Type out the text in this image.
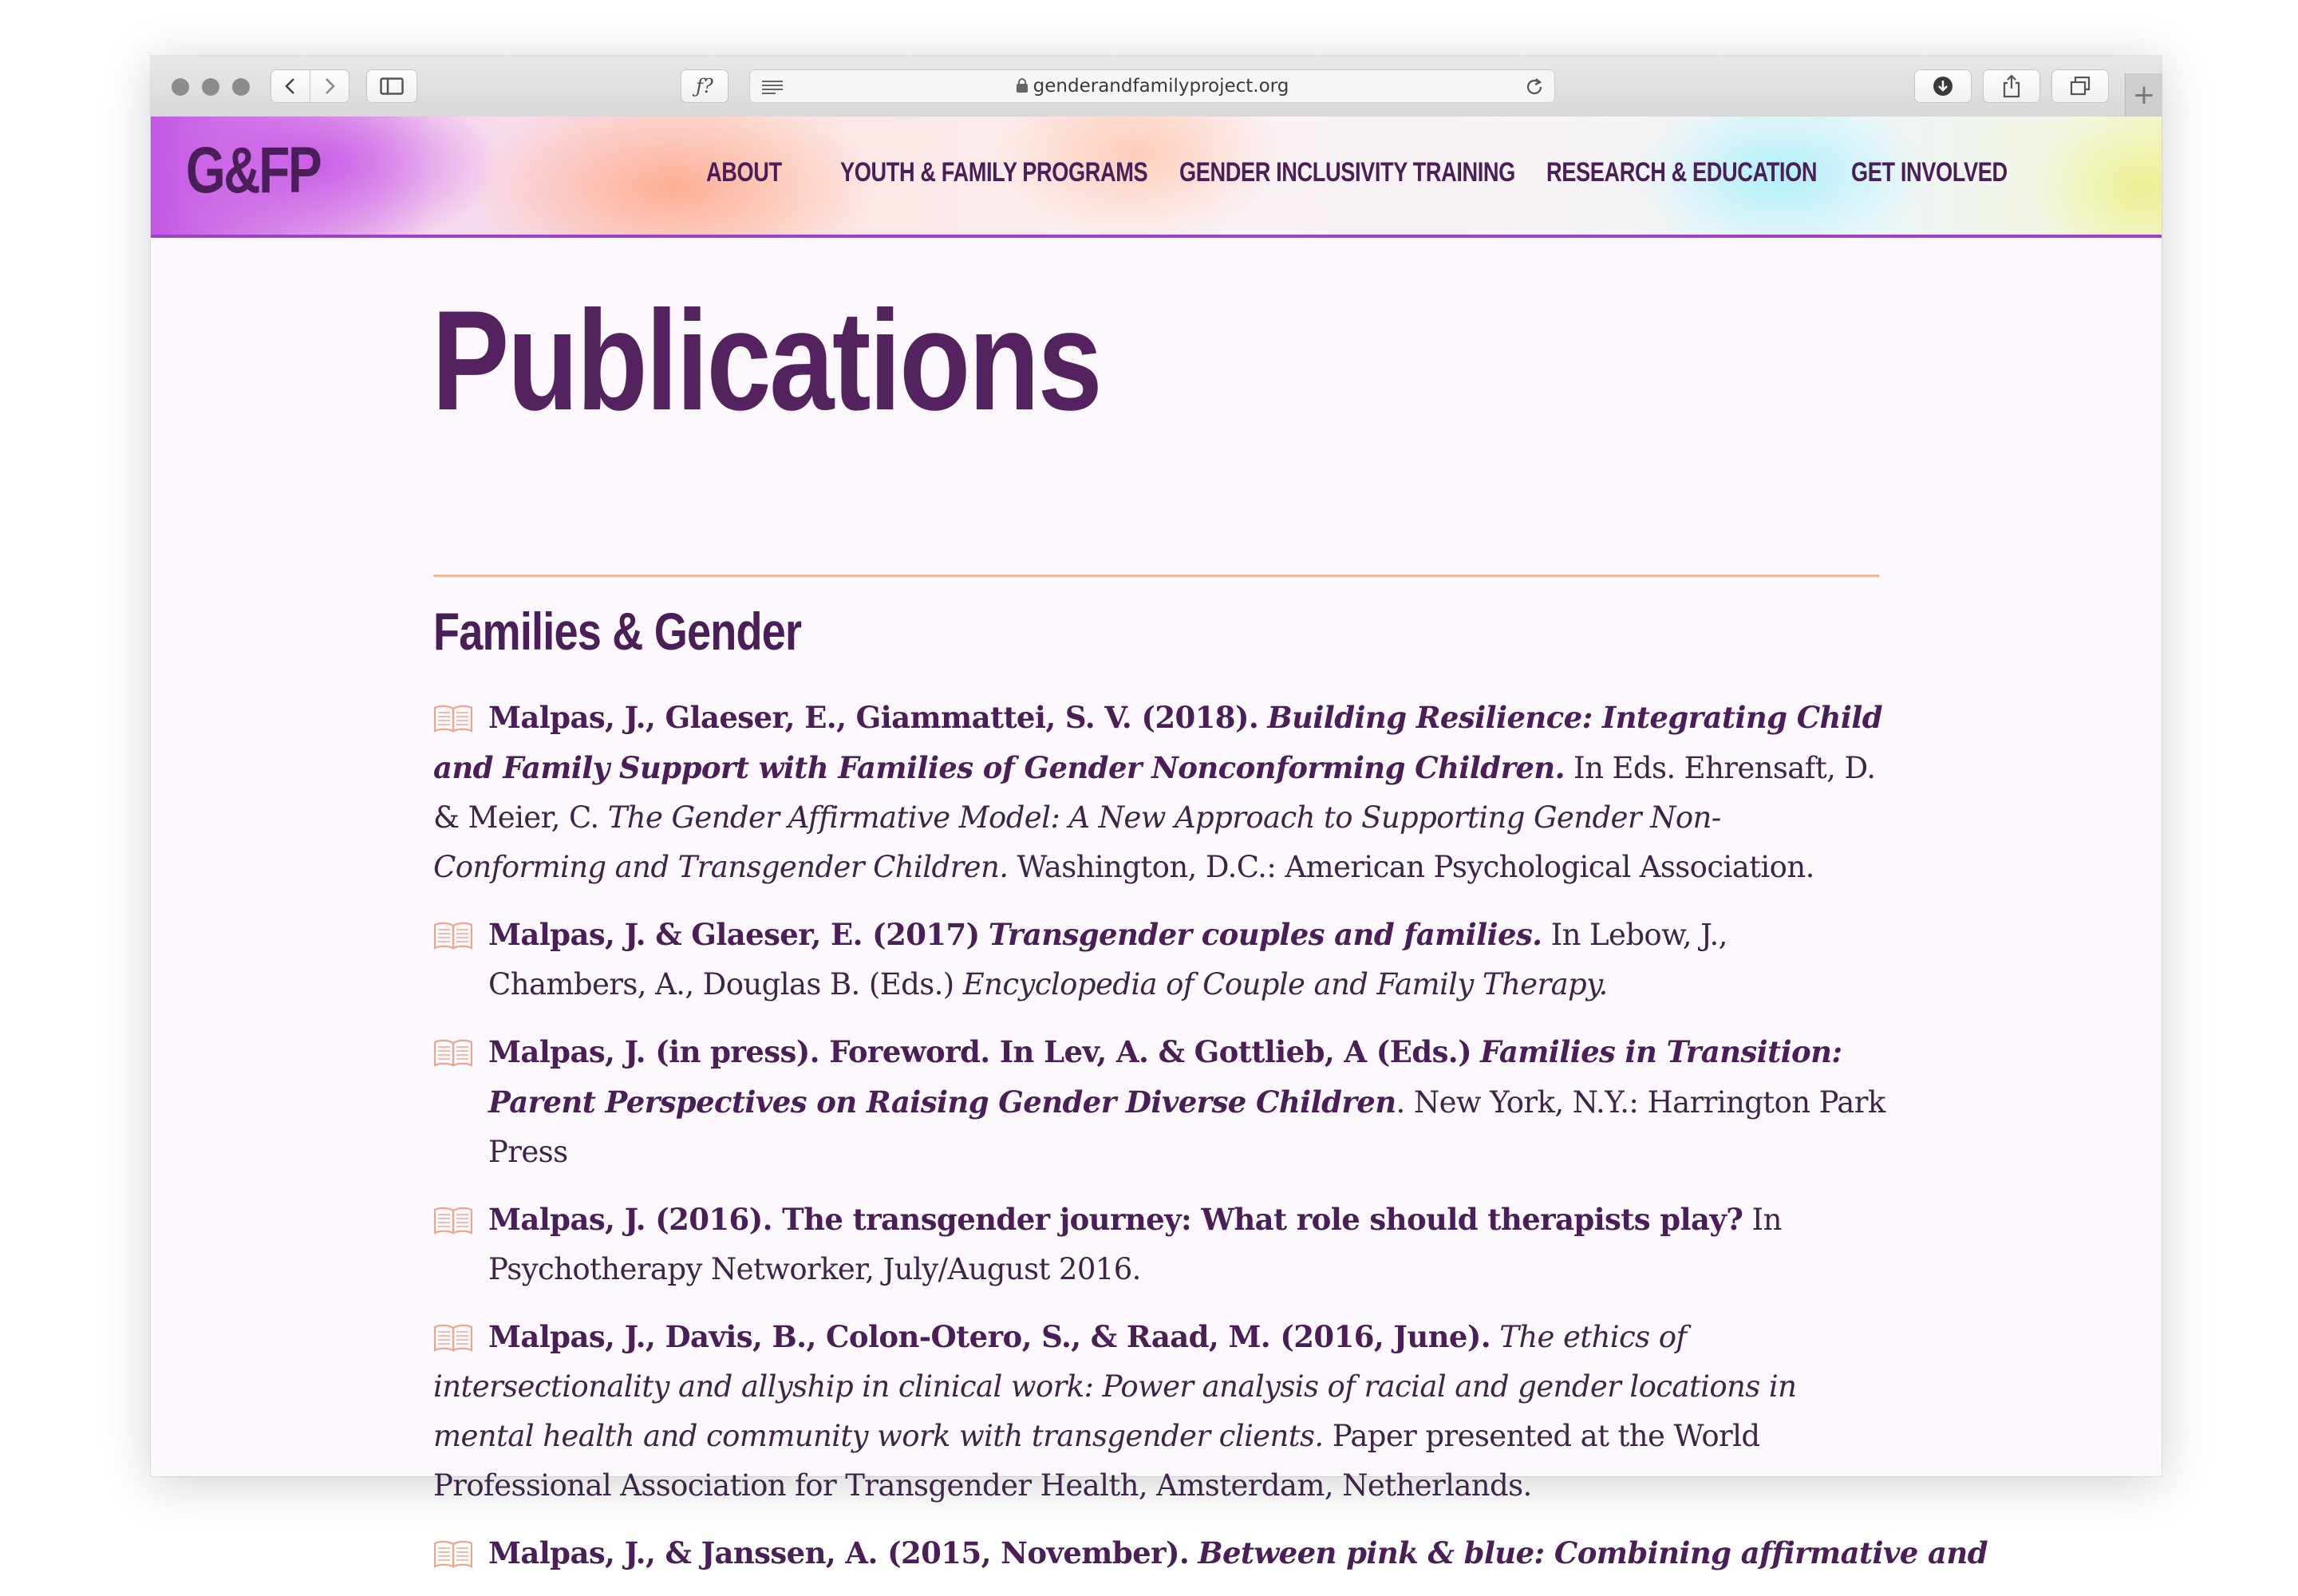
ƒ?	genderandfamilyproject.org	+
G&FP	ABOUT YOUTH & FAMILY PROGRAMS GENDER INCLUSIVITY TRAINING RESEARCH & EDUCATION GET INVOLVED
Publications
Families & Gender
Malpas, J., Glaeser, E., Giammattei, S. V. (2018). Building Resilience: Integrating Child and Family Support with Families of Gender Nonconforming Children. In Eds. Ehrensaft, D. & Meier, C. The Gender Affirmative Model: A New Approach to Supporting Gender Non-Conforming and Transgender Children. Washington, D.C.: American Psychological Association.
Malpas, J. & Glaeser, E. (2017) Transgender couples and families. In Lebow, J., Chambers, A., Douglas B. (Eds.) Encyclopedia of Couple and Family Therapy.
Malpas, J. (in press). Foreword. In Lev, A. & Gottlieb, A (Eds.) Families in Transition: Parent Perspectives on Raising Gender Diverse Children. New York, N.Y.: Harrington Park Press
Malpas, J. (2016). The transgender journey: What role should therapists play? In Psychotherapy Networker, July/August 2016.
Malpas, J., Davis, B., Colon-Otero, S., & Raad, M. (2016, June). The ethics of intersectionality and allyship in clinical work: Power analysis of racial and gender locations in mental health and community work with transgender clients. Paper presented at the World Professional Association for Transgender Health, Amsterdam, Netherlands.
Malpas, J., & Janssen, A. (2015, November). Between pink & blue: Combining affirmative and
